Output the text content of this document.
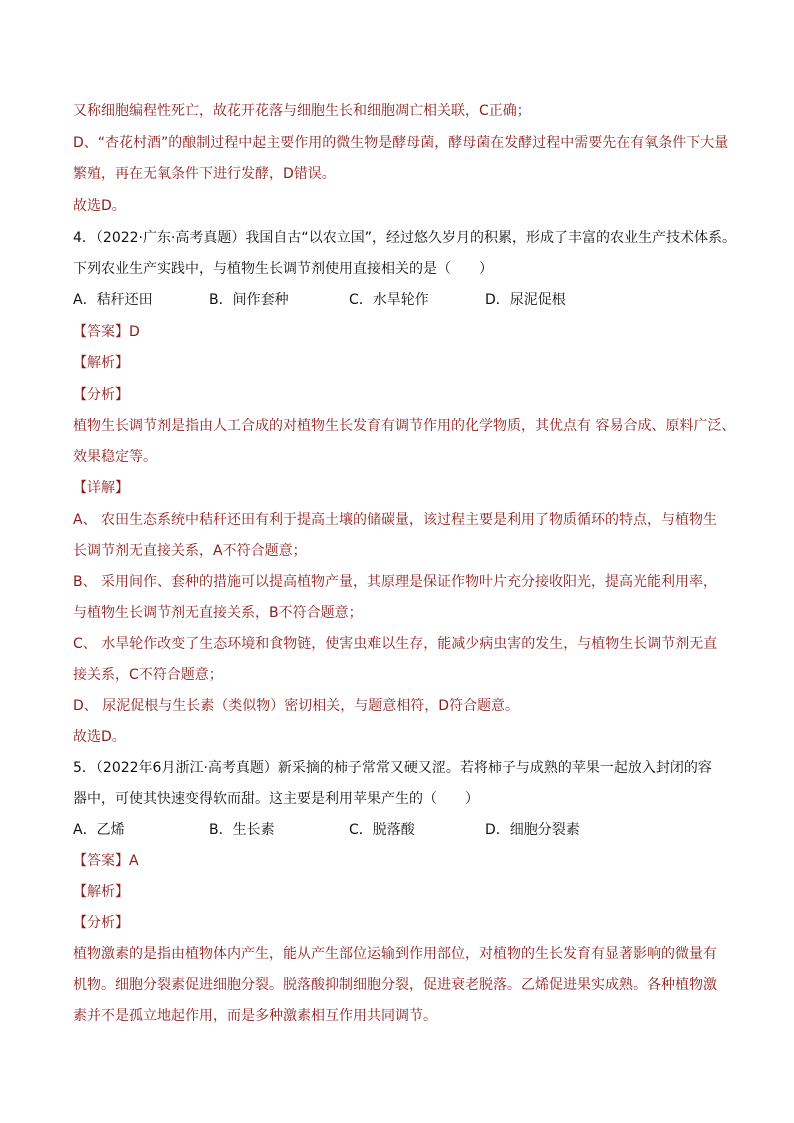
又称细胞编程性死亡，故花开花落与细胞生长和细胞凋亡相关联，C正确；
D、“杏花村酒”的酿制过程中起主要作用的微生物是酵母菌，酵母菌在发酵过程中需要先在有氧条件下大量
繁殖，再在无氧条件下进行发酵，D错误。
故选D。
4．（2022·广东·高考真题）我国自古“以农立国”，经过悠久岁月的积累，形成了丰富的农业生产技术体系。
下列农业生产实践中，与植物生长调节剂使用直接相关的是（　　）
A．秸秆还田	B．间作套种	C．水旱轮作	D．尿泥促根
【答案】D
【解析】
【分析】
植物生长调节剂是指由人工合成的对植物生长发育有调节作用的化学物质，其优点有 容易合成、原料广泛、
效果稳定等。
【详解】
A、 农田生态系统中秸秆还田有利于提高土壤的储碳量，该过程主要是利用了物质循环的特点，与植物生
长调节剂无直接关系，A不符合题意；
B、 采用间作、套种的措施可以提高植物产量，其原理是保证作物叶片充分接收阳光，提高光能利用率，
与植物生长调节剂无直接关系，B不符合题意；
C、 水旱轮作改变了生态环境和食物链，使害虫难以生存，能减少病虫害的发生，与植物生长调节剂无直
接关系，C不符合题意；
D、 尿泥促根与生长素（类似物）密切相关，与题意相符，D符合题意。
故选D。
5．（2022年6月浙江·高考真题）新采摘的柿子常常又硬又涩。若将柿子与成熟的苹果一起放入封闭的容
器中，可使其快速变得软而甜。这主要是利用苹果产生的（　　）
A．乙烯	B．生长素	C．脱落酸	D．细胞分裂素
【答案】A
【解析】
【分析】
植物激素的是指由植物体内产生，能从产生部位运输到作用部位，对植物的生长发育有显著影响的微量有
机物。细胞分裂素促进细胞分裂。脱落酸抑制细胞分裂，促进衰老脱落。乙烯促进果实成熟。各种植物激
素并不是孤立地起作用，而是多种激素相互作用共同调节。
